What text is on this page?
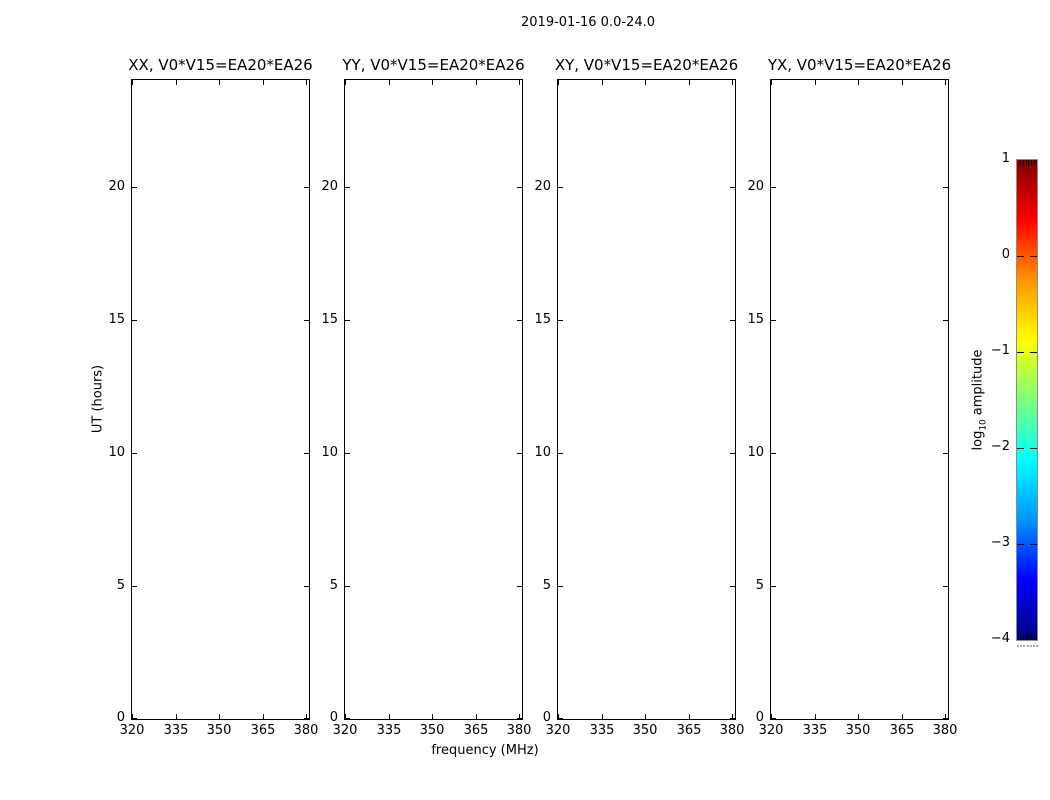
2019-01-16 0.0-24.0
XX, V0*V15=EA20*EA26 YY, V0*V15=EA20*EA26 XY, V0*V15=EA20*EA26 YX, V0*V15=EA20*EA26
UT (hours)
frequency (MHz)
$\log_{10}amplitude$
320 335 350 365 380
0
5
10
15
20
320 335 350 365 380
0
5
10
15
20
320 335 350 365 380
0
5
10
15
20
320 335 350 365 380
0
5
10
15
20
1
0
−1
−2
−3
−4
